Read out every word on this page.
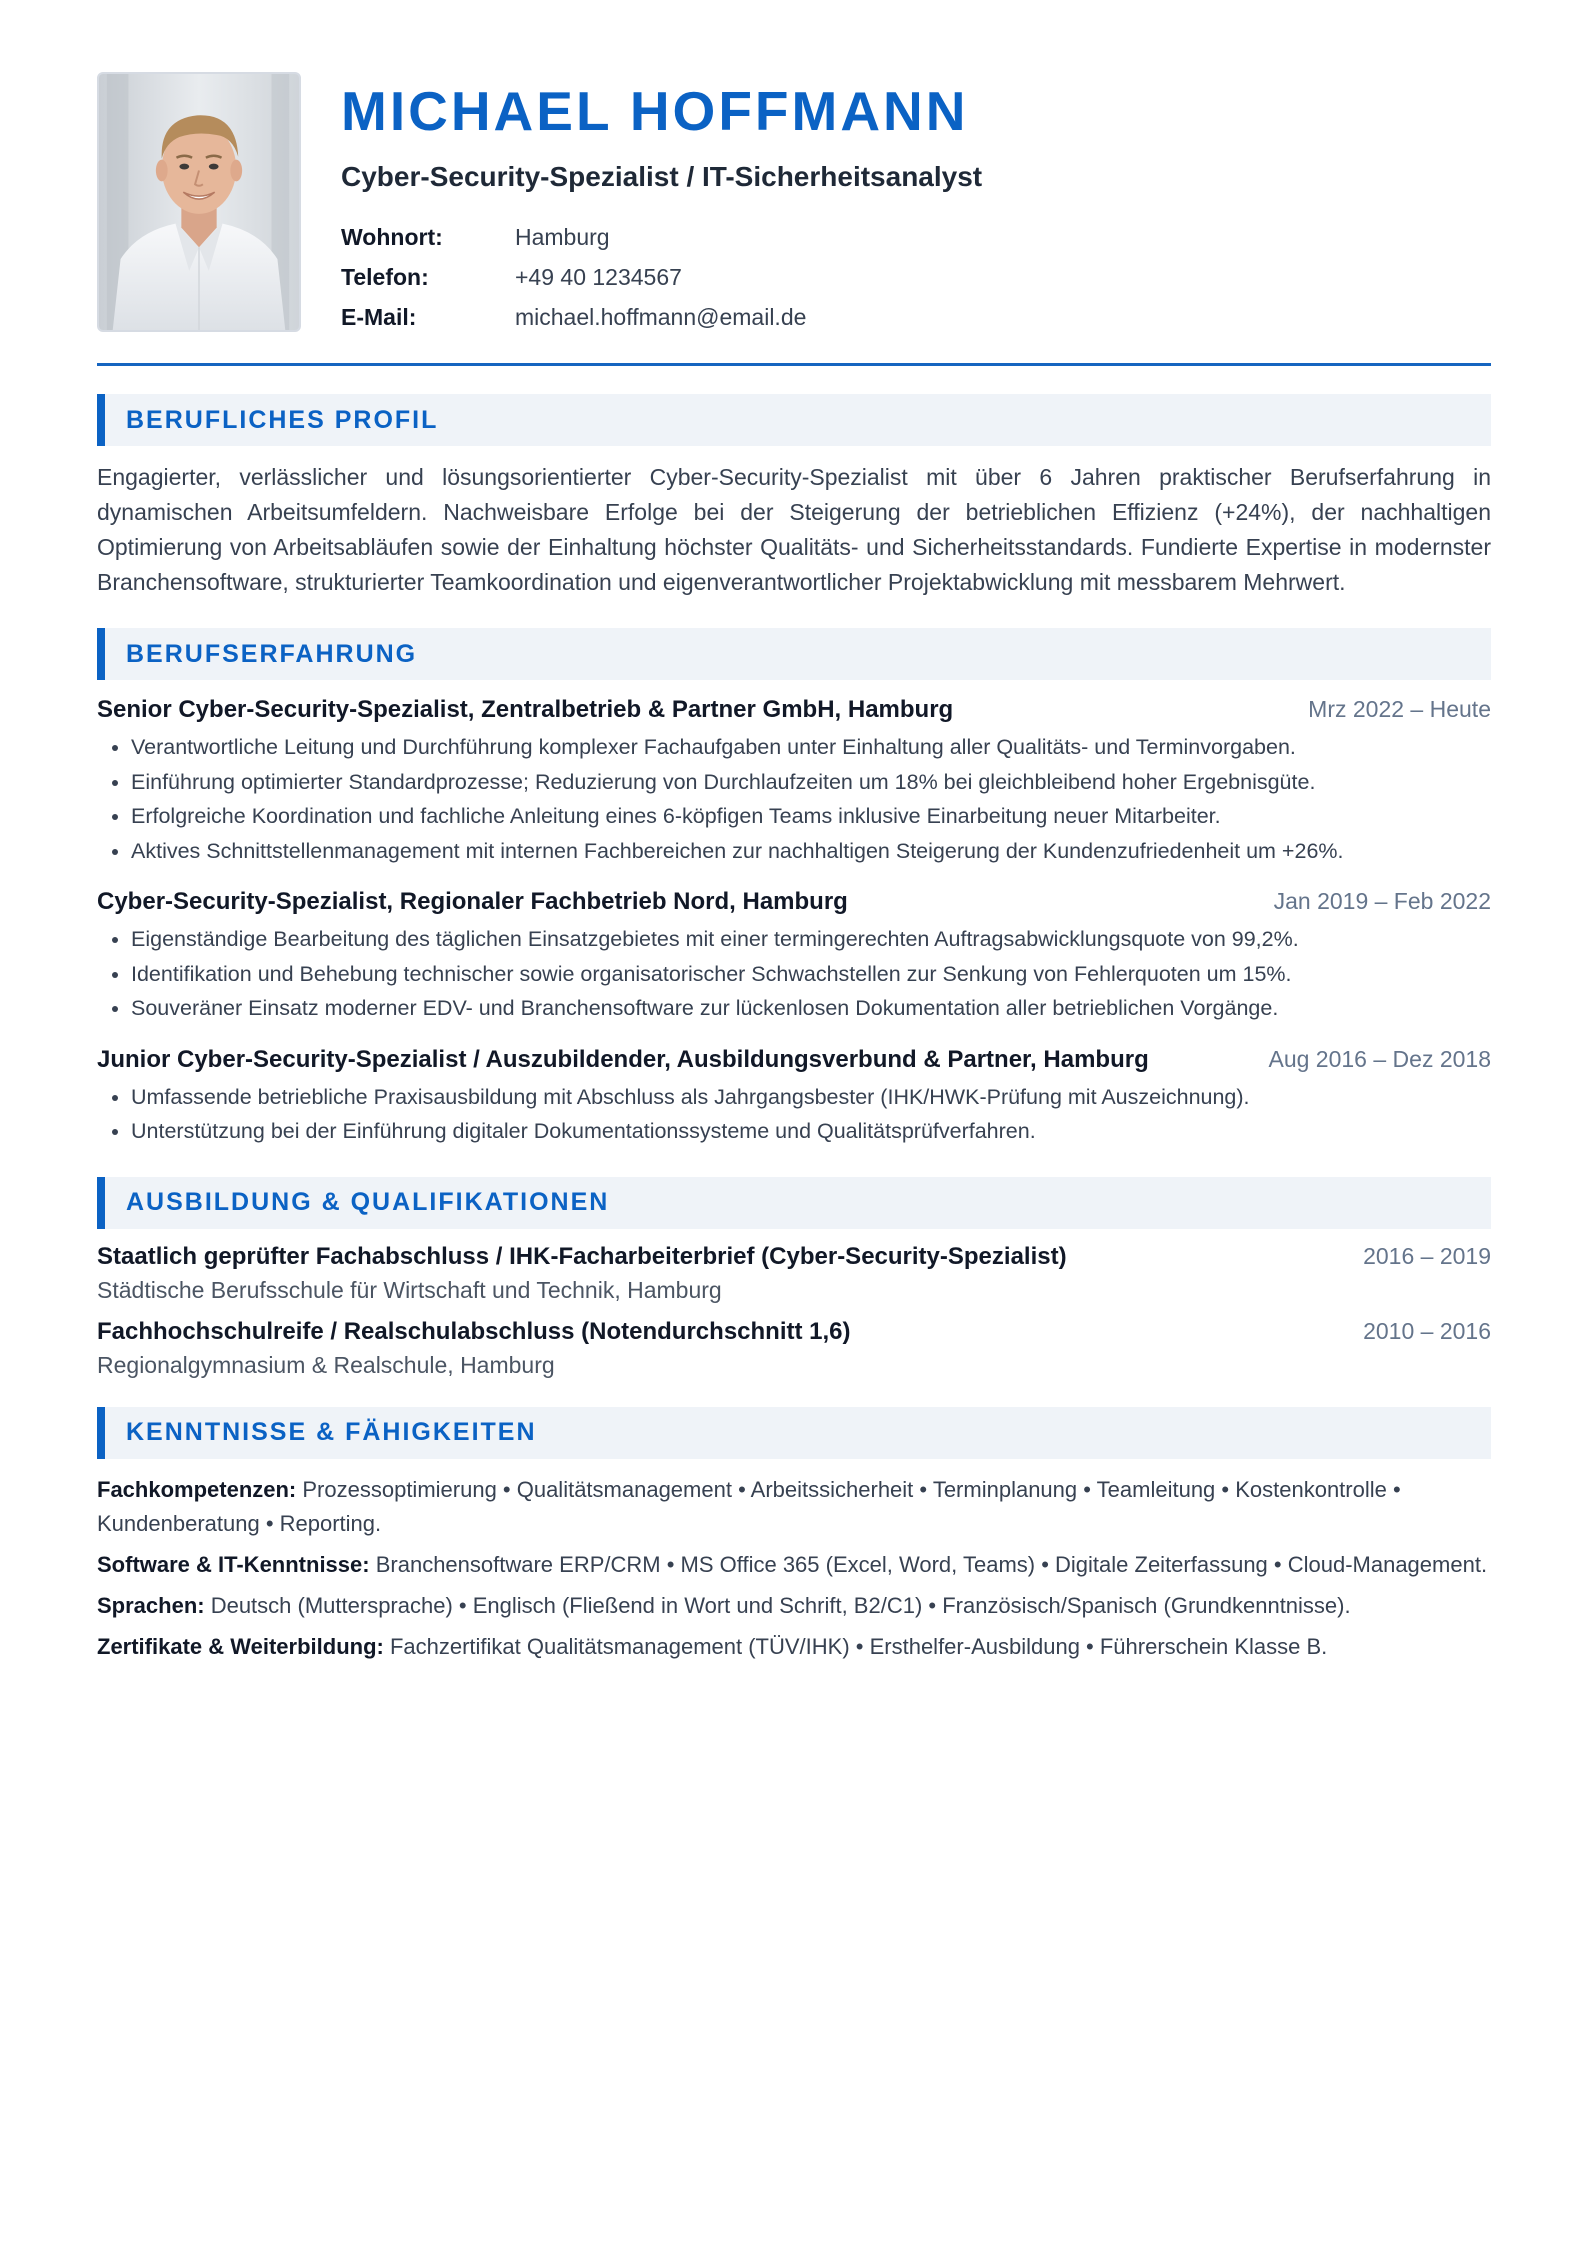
MICHAEL HOFFMANN
Cyber-Security-Spezialist / IT-Sicherheitsanalyst
Wohnort:	Hamburg
Telefon:	+49 40 1234567
E-Mail:	michael.hoffmann@email.de
BERUFLICHES PROFIL

Engagierter, verlässlicher und lösungsorientierter Cyber-Security-Spezialist mit über 6 Jahren praktischer Berufserfahrung in dynamischen Arbeitsumfeldern. Nachweisbare Erfolge bei der Steigerung der betrieblichen Effizienz (+24%), der nachhaltigen Optimierung von Arbeitsabläufen sowie der Einhaltung höchster Qualitäts- und Sicherheitsstandards. Fundierte Expertise in modernster Branchensoftware, strukturierter Teamkoordination und eigenverantwortlicher Projektabwicklung mit messbarem Mehrwert.

BERUFSERFAHRUNG
Senior Cyber-Security-Spezialist, Zentralbetrieb & Partner GmbH, Hamburg	Mrz 2022 – Heute
• Verantwortliche Leitung und Durchführung komplexer Fachaufgaben unter Einhaltung aller Qualitäts- und Terminvorgaben.
• Einführung optimierter Standardprozesse; Reduzierung von Durchlaufzeiten um 18% bei gleichbleibend hoher Ergebnisgüte.
• Erfolgreiche Koordination und fachliche Anleitung eines 6-köpfigen Teams inklusive Einarbeitung neuer Mitarbeiter.
• Aktives Schnittstellenmanagement mit internen Fachbereichen zur nachhaltigen Steigerung der Kundenzufriedenheit um +26%.
Cyber-Security-Spezialist, Regionaler Fachbetrieb Nord, Hamburg	Jan 2019 – Feb 2022
• Eigenständige Bearbeitung des täglichen Einsatzgebietes mit einer termingerechten Auftragsabwicklungsquote von 99,2%.
• Identifikation und Behebung technischer sowie organisatorischer Schwachstellen zur Senkung von Fehlerquoten um 15%.
• Souveräner Einsatz moderner EDV- und Branchensoftware zur lückenlosen Dokumentation aller betrieblichen Vorgänge.
Junior Cyber-Security-Spezialist / Auszubildender, Ausbildungsverbund & Partner, Hamburg	Aug 2016 – Dez 2018
• Umfassende betriebliche Praxisausbildung mit Abschluss als Jahrgangsbester (IHK/HWK-Prüfung mit Auszeichnung).
• Unterstützung bei der Einführung digitaler Dokumentationssysteme und Qualitätsprüfverfahren.
AUSBILDUNG & QUALIFIKATIONEN
Staatlich geprüfter Fachabschluss / IHK-Facharbeiterbrief (Cyber-Security-Spezialist)	2016 – 2019
Städtische Berufsschule für Wirtschaft und Technik, Hamburg
Fachhochschulreife / Realschulabschluss (Notendurchschnitt 1,6)	2010 – 2016
Regionalgymnasium & Realschule, Hamburg
KENNTNISSE & FÄHIGKEITEN
Fachkompetenzen: Prozessoptimierung • Qualitätsmanagement • Arbeitssicherheit • Terminplanung • Teamleitung • Kostenkontrolle • Kundenberatung • Reporting.
Software & IT-Kenntnisse: Branchensoftware ERP/CRM • MS Office 365 (Excel, Word, Teams) • Digitale Zeiterfassung • Cloud-Management.
Sprachen: Deutsch (Muttersprache) • Englisch (Fließend in Wort und Schrift, B2/C1) • Französisch/Spanisch (Grundkenntnisse).
Zertifikate & Weiterbildung: Fachzertifikat Qualitätsmanagement (TÜV/IHK) • Ersthelfer-Ausbildung • Führerschein Klasse B.
